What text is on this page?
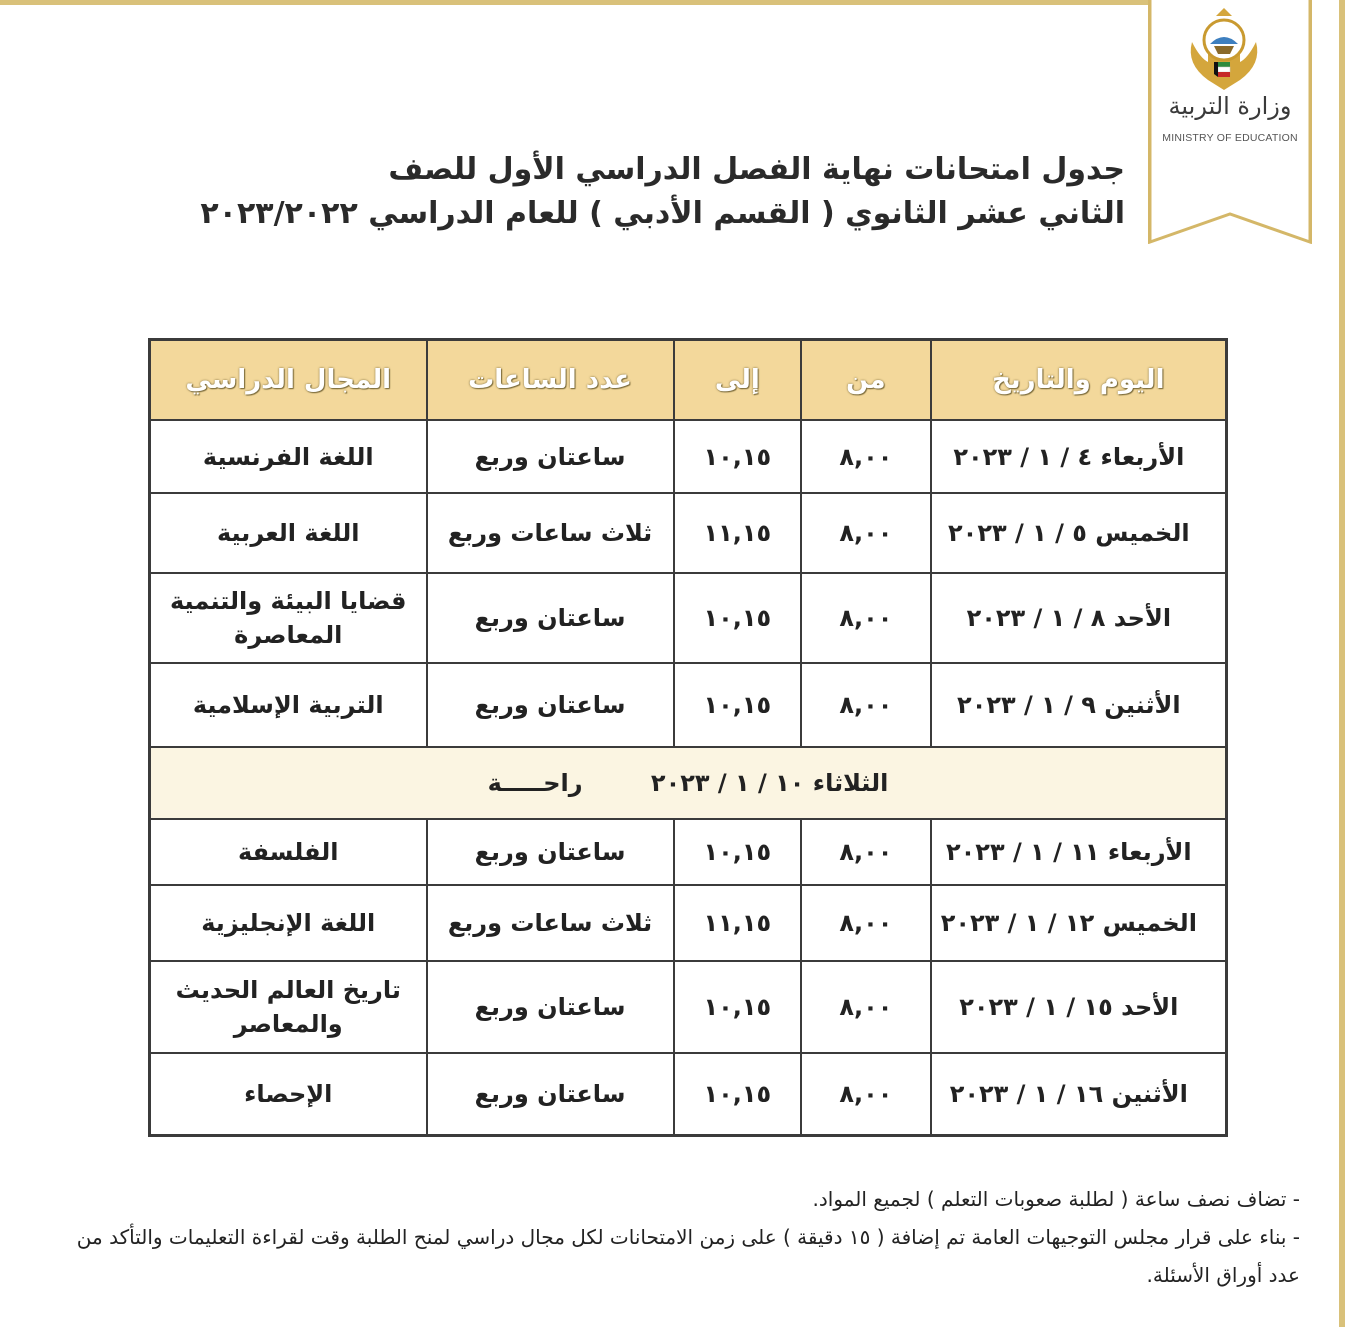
وزارة التربية
MINISTRY OF EDUCATION
جدول امتحانات نهاية الفصل الدراسي الأول للصف
الثاني عشر الثانوي ( القسم الأدبي ) للعام الدراسي ٢٠٢٣/٢٠٢٢
اليوم والتاريخ	من	إلى	عدد الساعات	المجال الدراسي
الأربعاء ٤ / ١ / ٢٠٢٣	٨,٠٠	١٠,١٥	ساعتان وربع	اللغة الفرنسية
الخميس ٥ / ١ / ٢٠٢٣	٨,٠٠	١١,١٥	ثلاث ساعات وربع	اللغة العربية
الأحد ٨ / ١ / ٢٠٢٣	٨,٠٠	١٠,١٥	ساعتان وربع	قضايا البيئة والتنمية المعاصرة
الأثنين ٩ / ١ / ٢٠٢٣	٨,٠٠	١٠,١٥	ساعتان وربع	التربية الإسلامية
الثلاثاء ١٠ / ١ / ٢٠٢٣ راحـــــة				
الأربعاء ١١ / ١ / ٢٠٢٣	٨,٠٠	١٠,١٥	ساعتان وربع	الفلسفة
الخميس ١٢ / ١ / ٢٠٢٣	٨,٠٠	١١,١٥	ثلاث ساعات وربع	اللغة الإنجليزية
الأحد ١٥ / ١ / ٢٠٢٣	٨,٠٠	١٠,١٥	ساعتان وربع	تاريخ العالم الحديث والمعاصر
الأثنين ١٦ / ١ / ٢٠٢٣	٨,٠٠	١٠,١٥	ساعتان وربع	الإحصاء

- تضاف نصف ساعة ( لطلبة صعوبات التعلم ) لجميع المواد.

- بناء على قرار مجلس التوجيهات العامة تم إضافة ( ١٥ دقيقة ) على زمن الامتحانات لكل مجال دراسي لمنح الطلبة وقت لقراءة التعليمات والتأكد من عدد أوراق الأسئلة.
